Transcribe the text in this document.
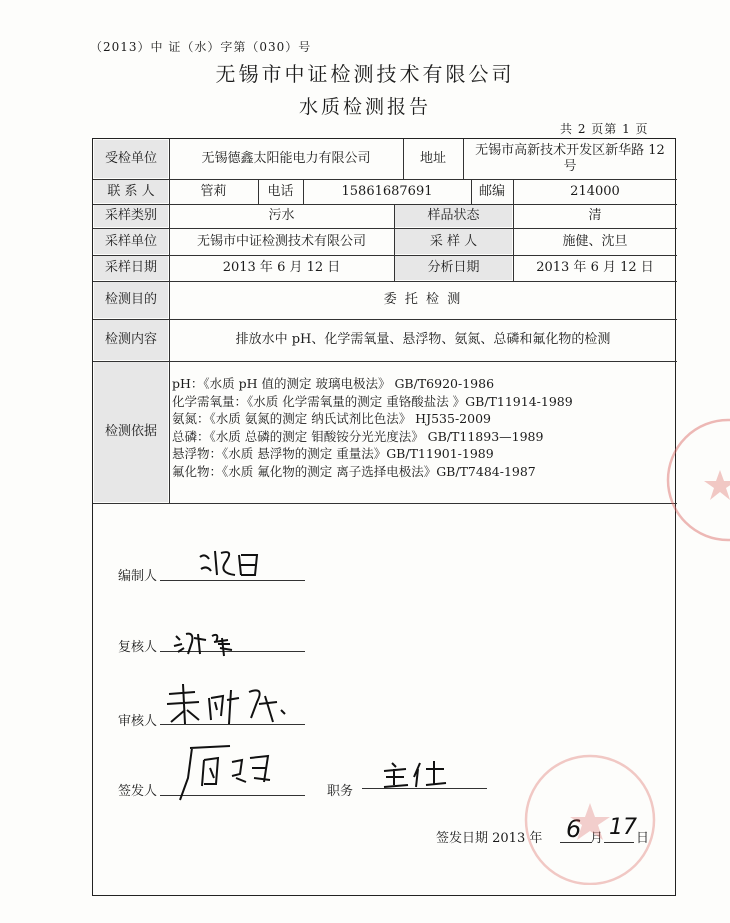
（2013）中 证（水）字第（030）号
无锡市中证检测技术有限公司
水质检测报告
共 2 页第 1 页
受检单位	无锡德鑫太阳能电力有限公司	地址
无锡市高新技术开发区新华路 12
号
联 系 人	管莉	电话	15861687691	邮编	214000
采样类别	污水	样品状态	清
采样单位	无锡市中证检测技术有限公司	采 样 人	施健、沈旦
采样日期	2013 年 6 月 12 日	分析日期	2013 年 6 月 12 日
检测目的	委 托 检 测
检测内容	排放水中 pH、化学需氧量、悬浮物、氨氮、总磷和氟化物的检测
检测依据
pH：《水质 pH 值的测定 玻璃电极法》 GB/T6920-1986
化学需氧量：《水质 化学需氧量的测定 重铬酸盐法 》GB/T11914-1989
氨氮：《水质 氨氮的测定 纳氏试剂比色法》 HJ535-2009
总磷：《水质 总磷的测定 钼酸铵分光光度法》 GB/T11893—1989
悬浮物：《水质 悬浮物的测定 重量法》GB/T11901-1989
氟化物：《水质 氟化物的测定 离子选择电极法》GB/T7484-1987
编制人
复核人
审核人
签发人	职务
签发日期 2013 年 6 月 17 日
